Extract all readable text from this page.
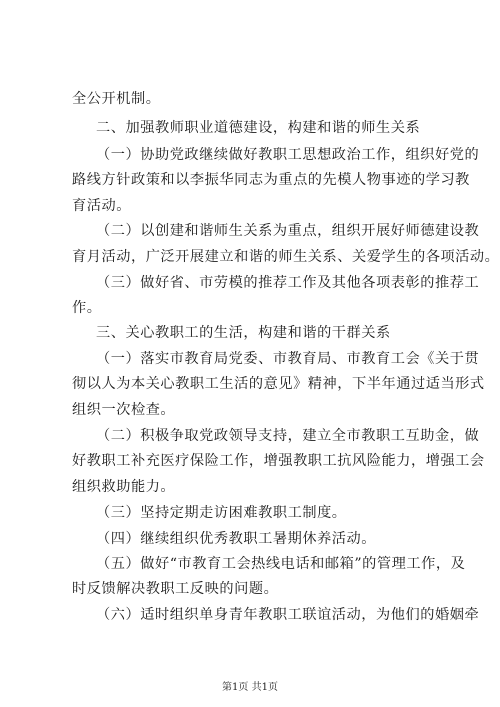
全公开机制。
二、加强教师职业道德建设，构建和谐的师生关系
（一）协助党政继续做好教职工思想政治工作，组织好党的
路线方针政策和以李振华同志为重点的先模人物事迹的学习教
育活动。
（二）以创建和谐师生关系为重点，组织开展好师德建设教
育月活动，广泛开展建立和谐的师生关系、关爱学生的各项活动。
（三）做好省、市劳模的推荐工作及其他各项表彰的推荐工
作。
三、关心教职工的生活，构建和谐的干群关系
（一）落实市教育局党委、市教育局、市教育工会《关于贯
彻以人为本关心教职工生活的意见》精神，下半年通过适当形式
组织一次检查。
（二）积极争取党政领导支持，建立全市教职工互助金，做
好教职工补充医疗保险工作，增强教职工抗风险能力，增强工会
组织救助能力。
（三）坚持定期走访困难教职工制度。
（四）继续组织优秀教职工暑期休养活动。
（五）做好“市教育工会热线电话和邮箱”的管理工作，及
时反馈解决教职工反映的问题。
（六）适时组织单身青年教职工联谊活动，为他们的婚姻牵
第1页 共1页
